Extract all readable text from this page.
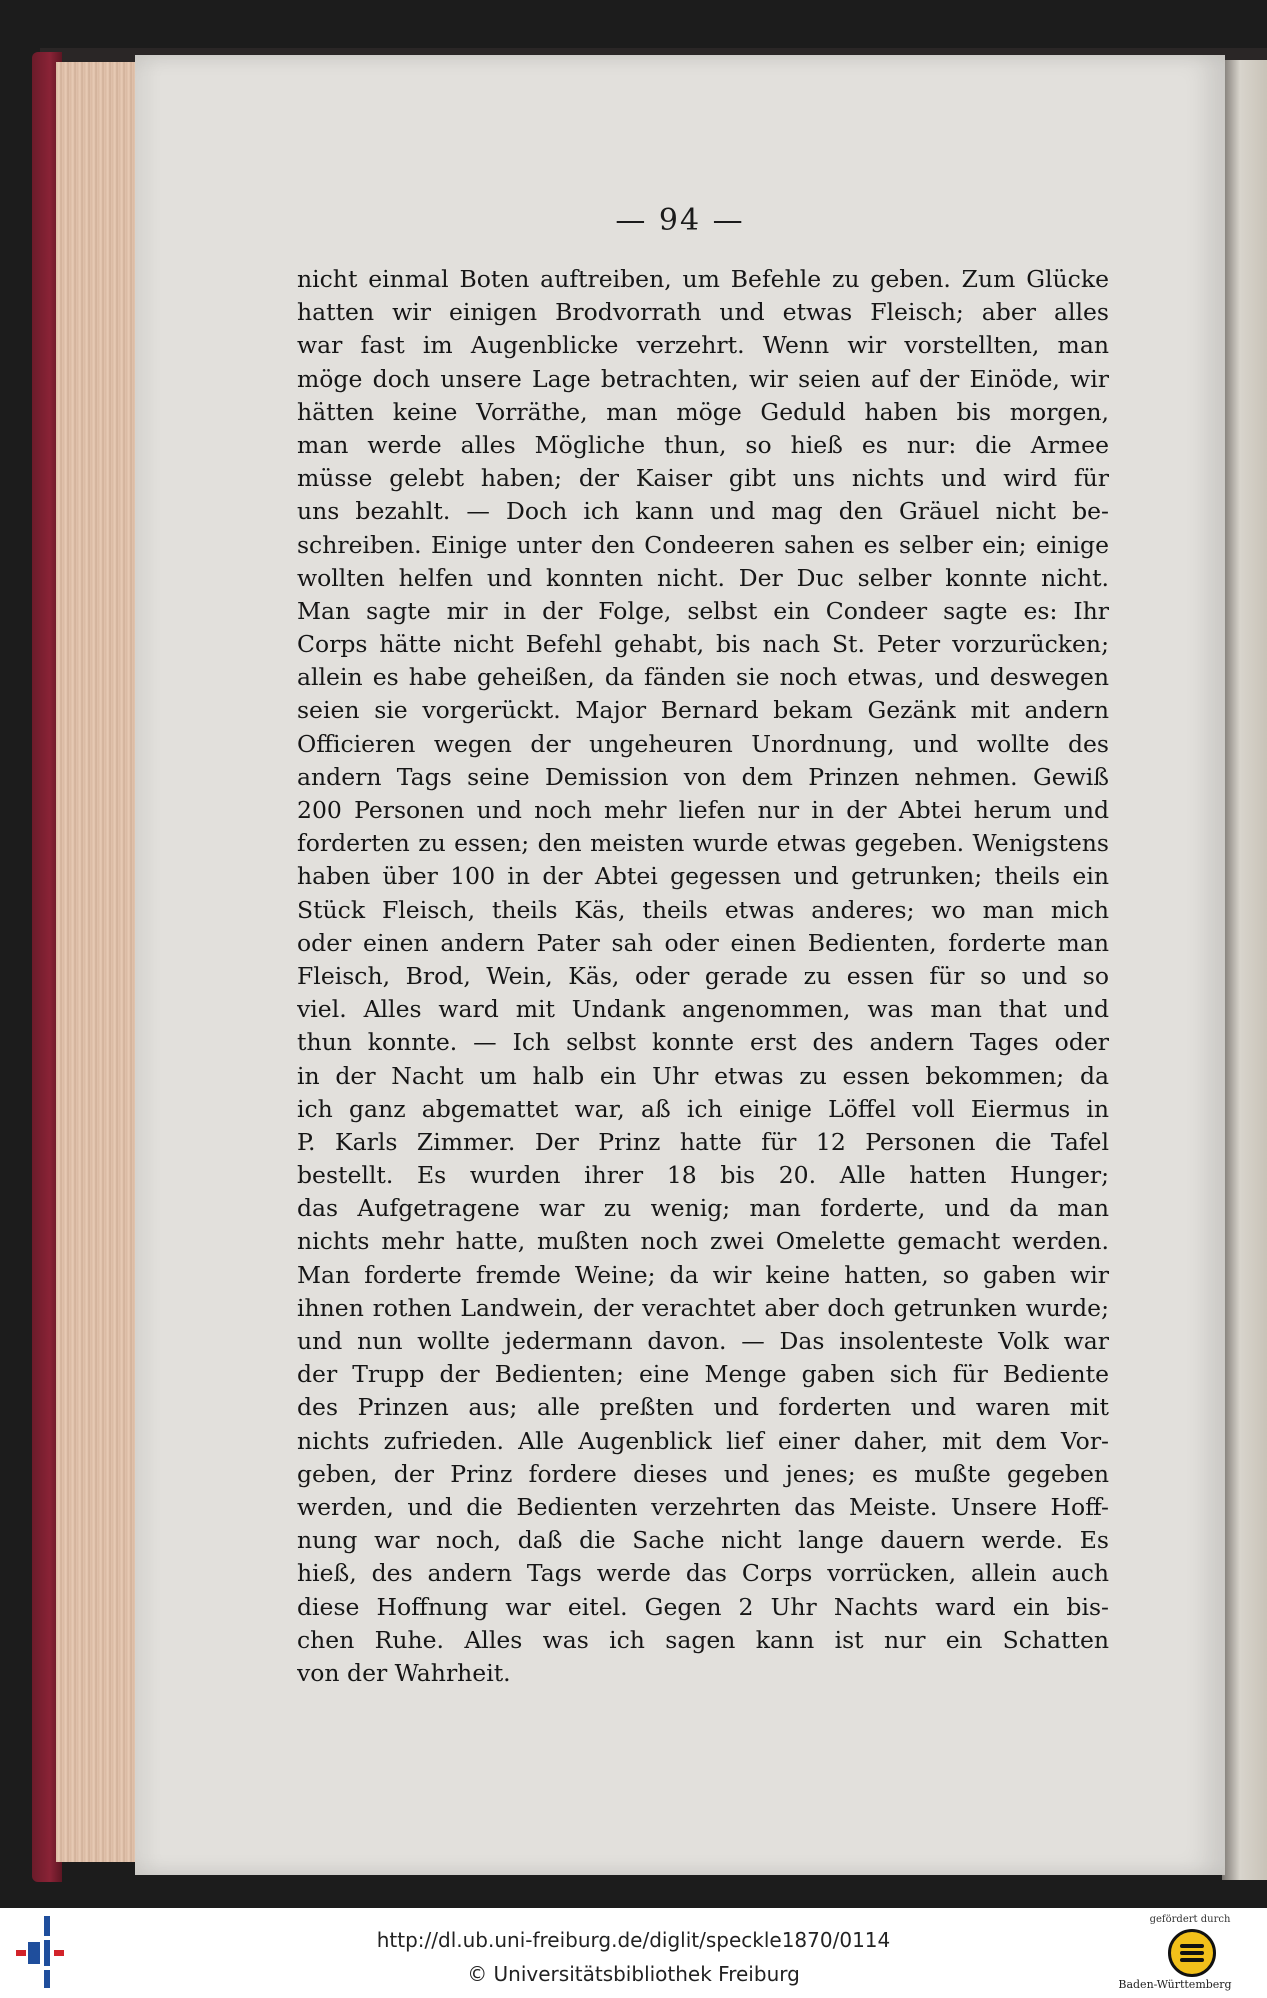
— 94 —
nicht einmal Boten auftreiben, um Befehle zu geben. Zum Glücke
hatten wir einigen Brodvorrath und etwas Fleisch; aber alles
war fast im Augenblicke verzehrt. Wenn wir vorstellten, man
möge doch unsere Lage betrachten, wir seien auf der Einöde, wir
hätten keine Vorräthe, man möge Geduld haben bis morgen,
man werde alles Mögliche thun, so hieß es nur: die Armee
müsse gelebt haben; der Kaiser gibt uns nichts und wird für
uns bezahlt. — Doch ich kann und mag den Gräuel nicht be-
schreiben. Einige unter den Condeeren sahen es selber ein; einige
wollten helfen und konnten nicht. Der Duc selber konnte nicht.
Man sagte mir in der Folge, selbst ein Condeer sagte es: Ihr
Corps hätte nicht Befehl gehabt, bis nach St. Peter vorzurücken;
allein es habe geheißen, da fänden sie noch etwas, und deswegen
seien sie vorgerückt. Major Bernard bekam Gezänk mit andern
Officieren wegen der ungeheuren Unordnung, und wollte des
andern Tags seine Demission von dem Prinzen nehmen. Gewiß
200 Personen und noch mehr liefen nur in der Abtei herum und
forderten zu essen; den meisten wurde etwas gegeben. Wenigstens
haben über 100 in der Abtei gegessen und getrunken; theils ein
Stück Fleisch, theils Käs, theils etwas anderes; wo man mich
oder einen andern Pater sah oder einen Bedienten, forderte man
Fleisch, Brod, Wein, Käs, oder gerade zu essen für so und so
viel. Alles ward mit Undank angenommen, was man that und
thun konnte. — Ich selbst konnte erst des andern Tages oder
in der Nacht um halb ein Uhr etwas zu essen bekommen; da
ich ganz abgemattet war, aß ich einige Löffel voll Eiermus in
P. Karls Zimmer. Der Prinz hatte für 12 Personen die Tafel
bestellt. Es wurden ihrer 18 bis 20. Alle hatten Hunger;
das Aufgetragene war zu wenig; man forderte, und da man
nichts mehr hatte, mußten noch zwei Omelette gemacht werden.
Man forderte fremde Weine; da wir keine hatten, so gaben wir
ihnen rothen Landwein, der verachtet aber doch getrunken wurde;
und nun wollte jedermann davon. — Das insolenteste Volk war
der Trupp der Bedienten; eine Menge gaben sich für Bediente
des Prinzen aus; alle preßten und forderten und waren mit
nichts zufrieden. Alle Augenblick lief einer daher, mit dem Vor-
geben, der Prinz fordere dieses und jenes; es mußte gegeben
werden, und die Bedienten verzehrten das Meiste. Unsere Hoff-
nung war noch, daß die Sache nicht lange dauern werde. Es
hieß, des andern Tags werde das Corps vorrücken, allein auch
diese Hoffnung war eitel. Gegen 2 Uhr Nachts ward ein bis-
chen Ruhe. Alles was ich sagen kann ist nur ein Schatten
von der Wahrheit.
http://dl.ub.uni-freiburg.de/diglit/speckle1870/0114
© Universitätsbibliothek Freiburg
gefördert durch
Baden-Württemberg
